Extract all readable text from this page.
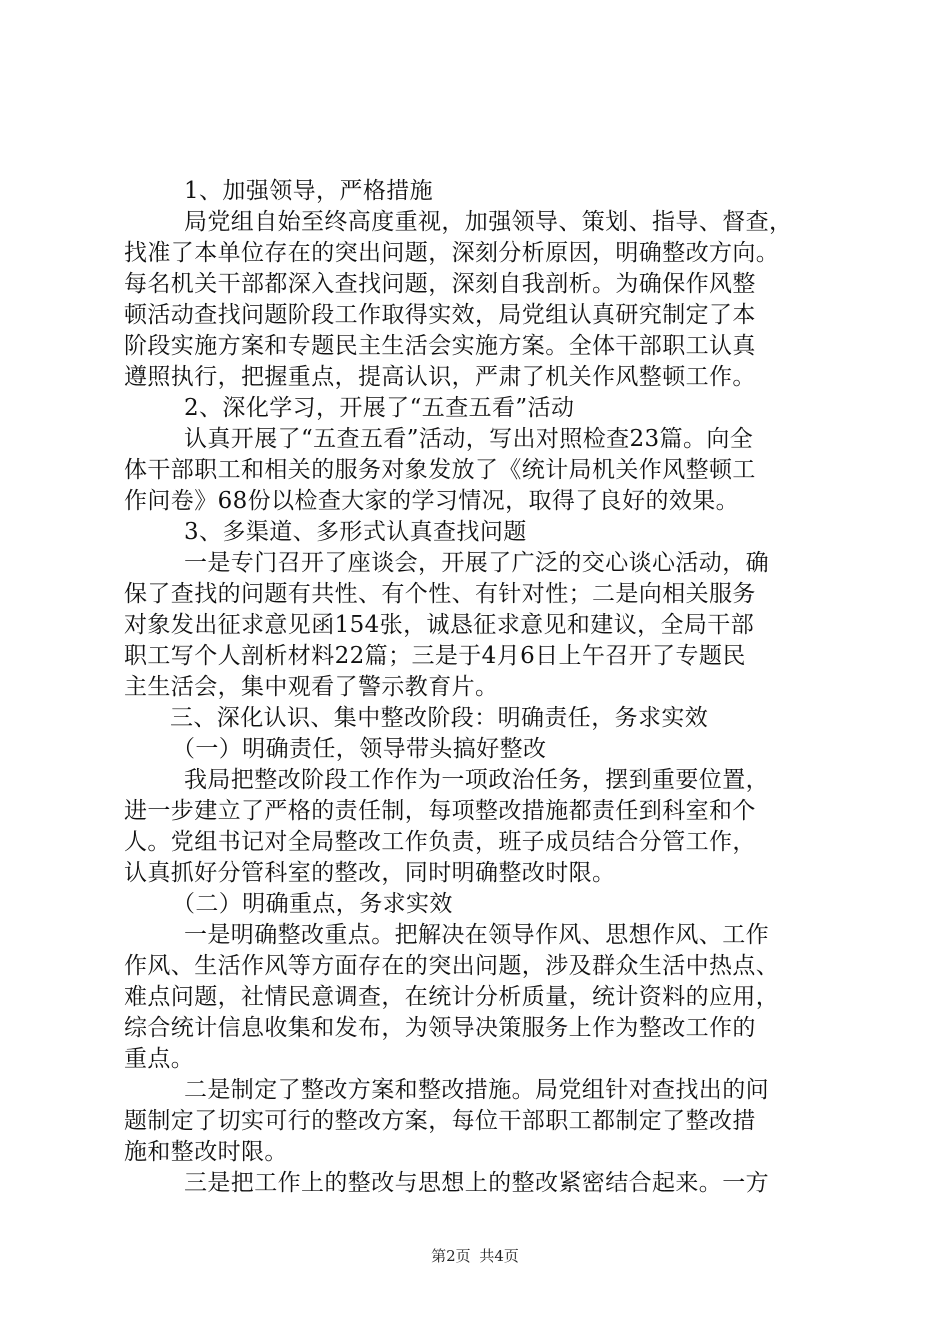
1、加强领导，严格措施
局党组自始至终高度重视，加强领导、策划、指导、督查，
找准了本单位存在的突出问题，深刻分析原因，明确整改方向。
每名机关干部都深入查找问题，深刻自我剖析。为确保作风整
顿活动查找问题阶段工作取得实效，局党组认真研究制定了本
阶段实施方案和专题民主生活会实施方案。全体干部职工认真
遵照执行，把握重点，提高认识，严肃了机关作风整顿工作。
2、深化学习，开展了“五查五看”活动
认真开展了“五查五看”活动，写出对照检查23篇。向全
体干部职工和相关的服务对象发放了《统计局机关作风整顿工
作问卷》68份以检查大家的学习情况，取得了良好的效果。
3、多渠道、多形式认真查找问题
一是专门召开了座谈会，开展了广泛的交心谈心活动，确
保了查找的问题有共性、有个性、有针对性；二是向相关服务
对象发出征求意见函154张，诚恳征求意见和建议，全局干部
职工写个人剖析材料22篇；三是于4月6日上午召开了专题民
主生活会，集中观看了警示教育片。
三、深化认识、集中整改阶段：明确责任，务求实效
（一）明确责任，领导带头搞好整改
我局把整改阶段工作作为一项政治任务，摆到重要位置，
进一步建立了严格的责任制，每项整改措施都责任到科室和个
人。党组书记对全局整改工作负责，班子成员结合分管工作，
认真抓好分管科室的整改，同时明确整改时限。
（二）明确重点，务求实效
一是明确整改重点。把解决在领导作风、思想作风、工作
作风、生活作风等方面存在的突出问题，涉及群众生活中热点、
难点问题，社情民意调查，在统计分析质量，统计资料的应用，
综合统计信息收集和发布，为领导决策服务上作为整改工作的
重点。
二是制定了整改方案和整改措施。局党组针对查找出的问
题制定了切实可行的整改方案，每位干部职工都制定了整改措
施和整改时限。
三是把工作上的整改与思想上的整改紧密结合起来。一方
第2页 共4页
